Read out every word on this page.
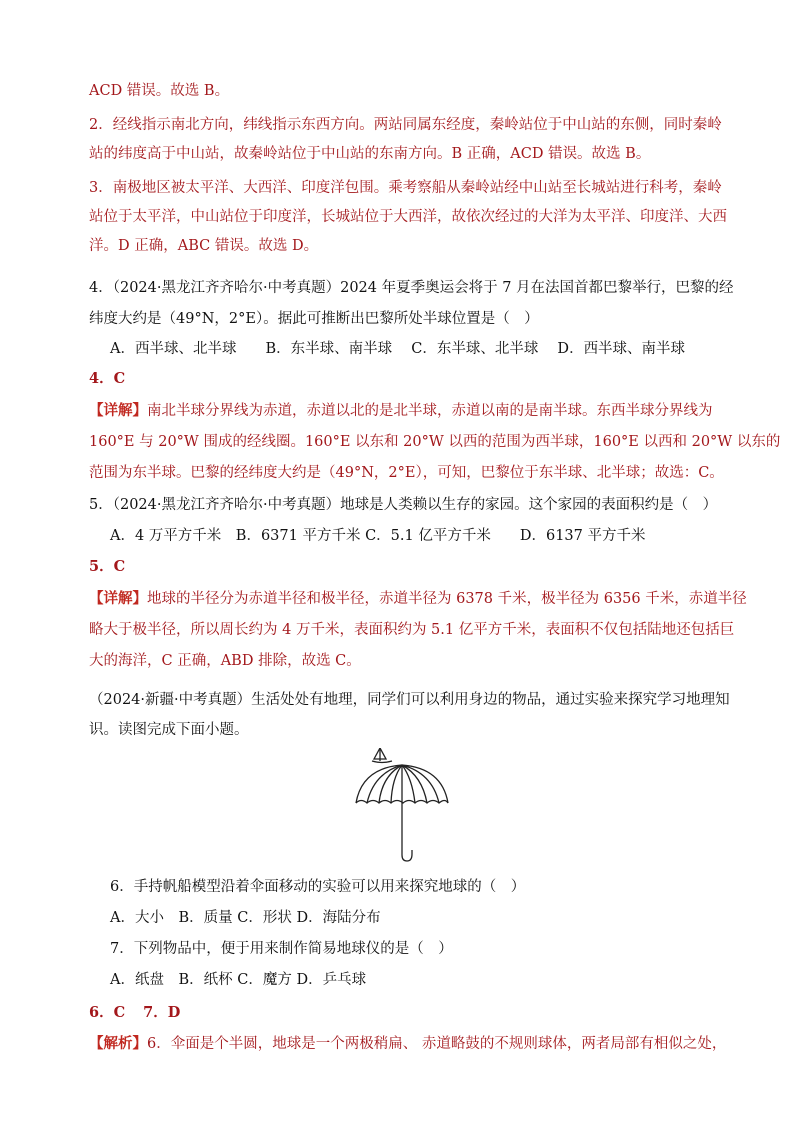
ACD 错误。故选 B。
2．经线指示南北方向，纬线指示东西方向。两站同属东经度，秦岭站位于中山站的东侧，同时秦岭
站的纬度高于中山站，故秦岭站位于中山站的东南方向。B 正确，ACD 错误。故选 B。
3．南极地区被太平洋、大西洋、印度洋包围。乘考察船从秦岭站经中山站至长城站进行科考，秦岭
站位于太平洋，中山站位于印度洋，长城站位于大西洋，故依次经过的大洋为太平洋、印度洋、大西
洋。D 正确，ABC 错误。故选 D。
4．（2024·黑龙江齐齐哈尔·中考真题）2024 年夏季奥运会将于 7 月在法国首都巴黎举行，巴黎的经
纬度大约是（49°N，2°E）。据此可推断出巴黎所处半球位置是（　）
A．西半球、北半球　　B．东半球、南半球　 C．东半球、北半球　 D．西半球、南半球
4．C
【详解】南北半球分界线为赤道，赤道以北的是北半球，赤道以南的是南半球。东西半球分界线为
160°E 与 20°W 围成的经线圈。160°E 以东和 20°W 以西的范围为西半球，160°E 以西和 20°W 以东的
范围为东半球。巴黎的经纬度大约是（49°N，2°E），可知，巴黎位于东半球、北半球；故选：C。
5．（2024·黑龙江齐齐哈尔·中考真题）地球是人类赖以生存的家园。这个家园的表面积约是（　）
A．4 万平方千米　B．6371 平方千米 C．5.1 亿平方千米　　D．6137 平方千米
5．C
【详解】地球的半径分为赤道半径和极半径，赤道半径为 6378 千米，极半径为 6356 千米，赤道半径
略大于极半径，所以周长约为 4 万千米，表面积约为 5.1 亿平方千米，表面积不仅包括陆地还包括巨
大的海洋，C 正确，ABD 排除，故选 C。
（2024·新疆·中考真题）生活处处有地理，同学们可以利用身边的物品，通过实验来探究学习地理知
识。读图完成下面小题。
6．手持帆船模型沿着伞面移动的实验可以用来探究地球的（　）
A．大小　B．质量 C．形状 D．海陆分布
7．下列物品中，便于用来制作简易地球仪的是（　）
A．纸盘　B．纸杯 C．魔方 D．乒乓球
6．C 7．D
【解析】6．伞面是个半圆，地球是一个两极稍扁、 赤道略鼓的不规则球体，两者局部有相似之处，
